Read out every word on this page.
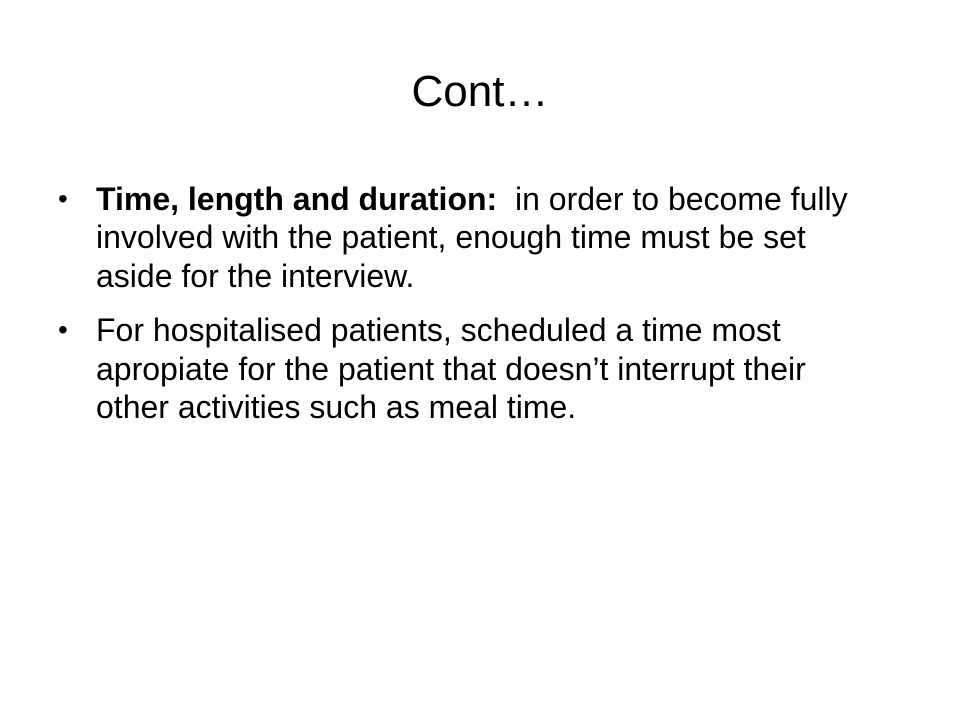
Cont…
• Time, length and duration:  in order to become fully  involved with the patient, enough time must be set aside for the interview.
• For hospitalised patients, scheduled a time most apropiate for the patient that doesn’t interrupt their other activities such as meal time.
